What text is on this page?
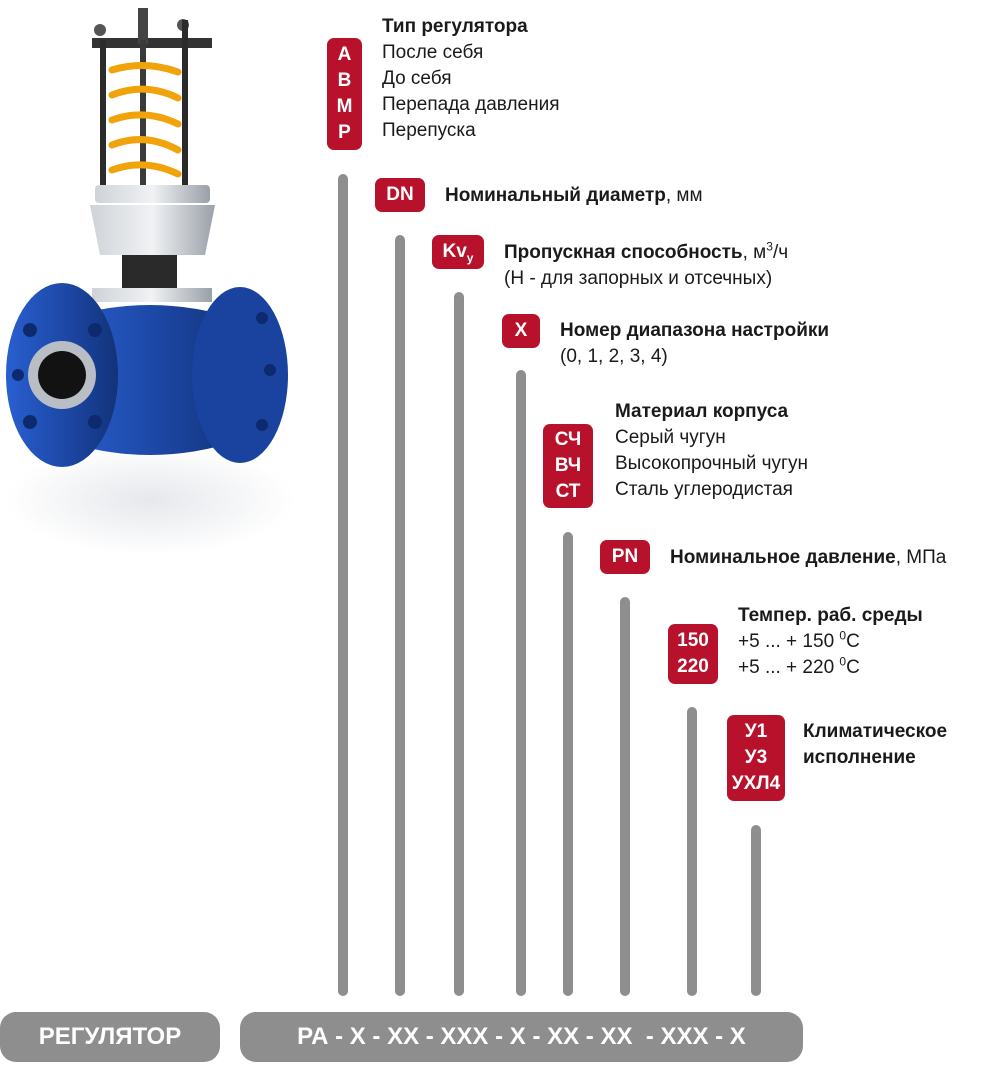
А
В
М
Р
Тип регулятора
После себя
До себя
Перепада давления
Перепуска
DN Номинальный диаметр, мм
$Kv_у$ Пропускная способность, $м^3/ч$
(Н - для запорных и отсечных)
Х Номер диапазона настройки
(0, 1, 2, 3, 4)
СЧ
ВЧ
СТ
Материал корпуса
Серый чугун
Высокопрочный чугун
Сталь углеродистая
PN Номинальное давление, МПа
150
220
Темпер. раб. среды
+5 ... + 150 $^0$С
+5 ... + 220 $^0$С
У1
У3
УХЛ4
Климатическое
исполнение
РЕГУЛЯТОР	РА - Х - ХХ - ХХХ - Х - ХХ - ХХ  - ХХХ - Х
